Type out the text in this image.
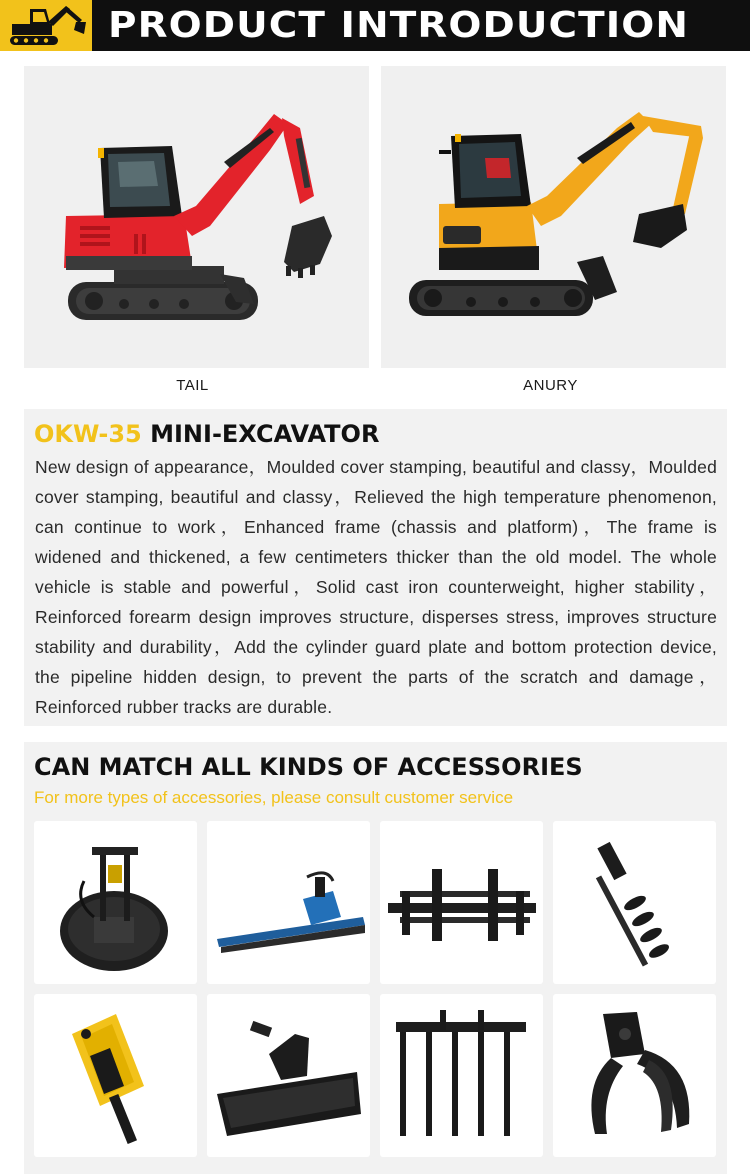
PRODUCT INTRODUCTION
TAIL	ANURY
OKW-35 MINI-EXCAVATOR

New design of appearance，Moulded cover stamping, beautiful and classy，Moulded cover stamping, beautiful and classy，Relieved the high temperature phenomenon, can continue to work，Enhanced frame (chassis and platform)，The frame is widened and thickened, a few centimeters thicker than the old model. The whole vehicle is stable and powerful，Solid cast iron counterweight, higher stability，Reinforced forearm design improves structure, disperses stress, improves structure stability and durability，Add the cylinder guard plate and bottom protection device, the pipeline hidden design, to prevent the parts of the scratch and damage，Reinforced rubber tracks are durable.

CAN MATCH ALL KINDS OF ACCESSORIES
For more types of accessories, please consult customer service
